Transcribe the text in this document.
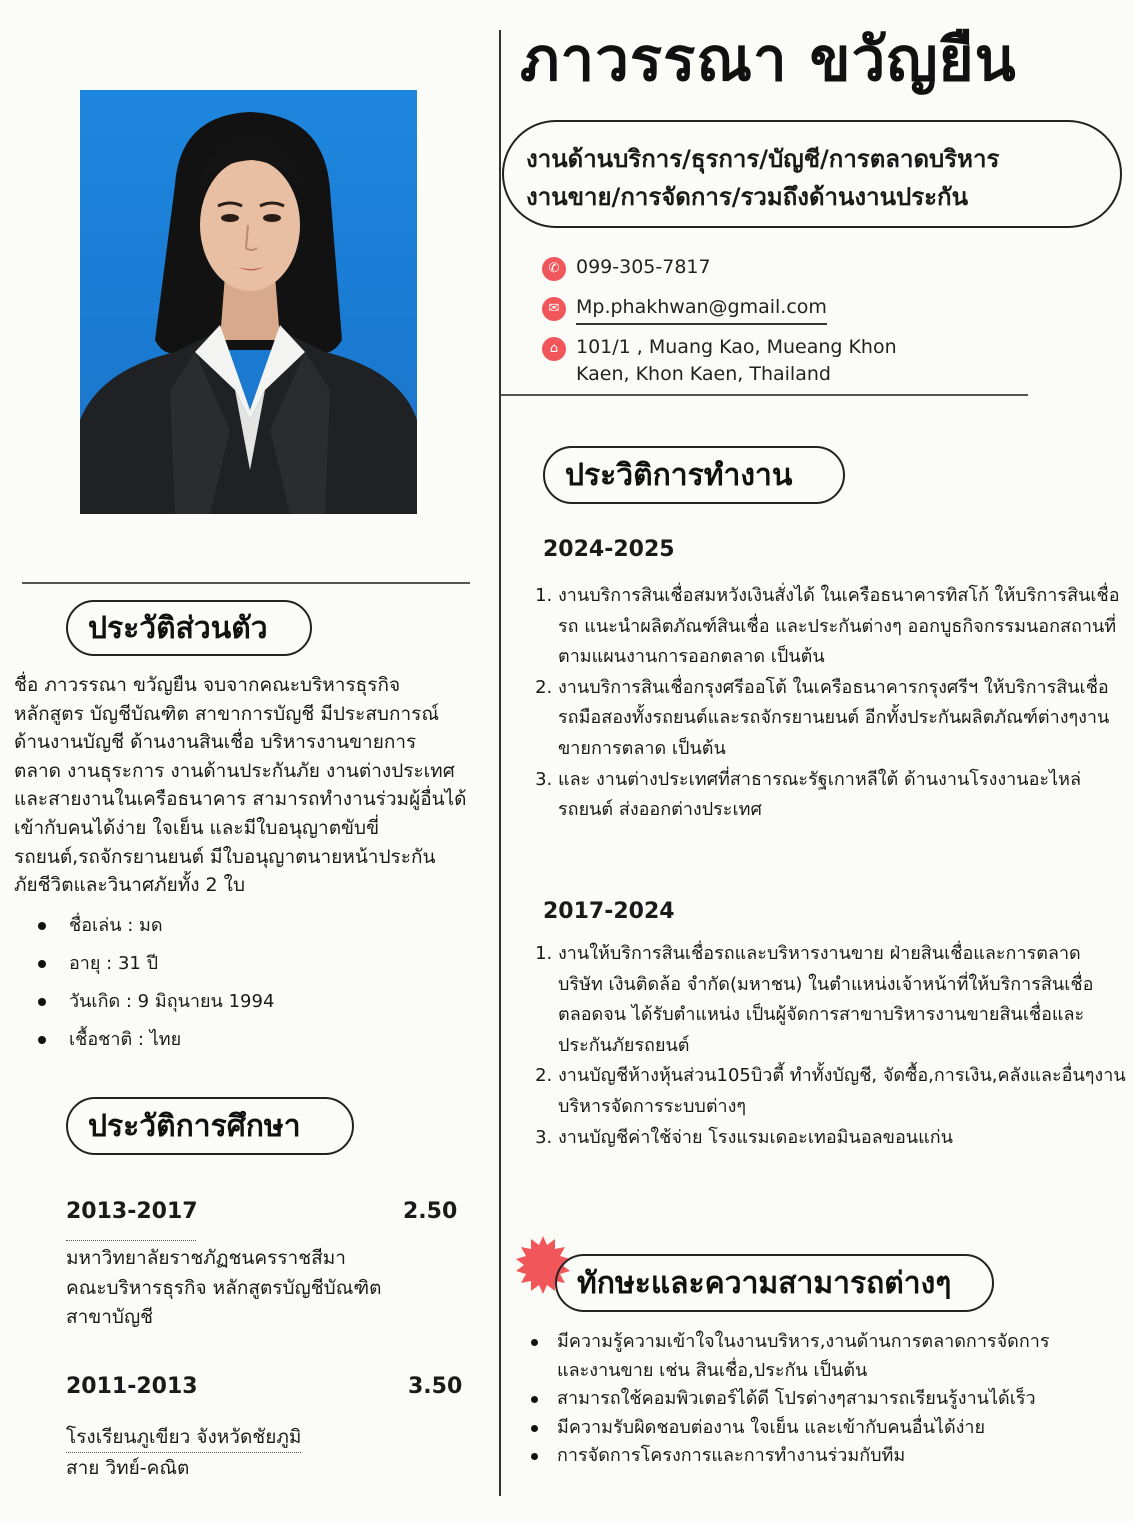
ภาวรรณา ขวัญยืน
งานด้านบริการ/ธุรการ/บัญชี/การตลาดบริหาร
งานขาย/การจัดการ/รวมถึงด้านงานประกัน
✆ 099-305-7817
✉ Mp.phakhwan@gmail.com
⌂ 101/1 , Muang Kao, Mueang Khon
Kaen, Khon Kaen, Thailand
ประวัติส่วนตัว
ชื่อ ภาวรรณา ขวัญยืน จบจากคณะบริหารธุรกิจ
หลักสูตร บัญชีบัณฑิต สาขาการบัญชี มีประสบการณ์
ด้านงานบัญชี ด้านงานสินเชื่อ บริหารงานขายการ
ตลาด งานธุระการ งานด้านประกันภัย งานต่างประเทศ
และสายงานในเครือธนาคาร สามารถทำงานร่วมผู้อื่นได้
เข้ากับคนได้ง่าย ใจเย็น และมีใบอนุญาตขับขี่
รถยนต์,รถจักรยานยนต์ มีใบอนุญาตนายหน้าประกัน
ภัยชีวิตและวินาศภัยทั้ง 2 ใบ
ชื่อเล่น : มด
อายุ : 31 ปี
วันเกิด : 9 มิถุนายน 1994
เชื้อชาติ : ไทย
ประวัติการศึกษา
2013-2017	2.50
มหาวิทยาลัยราชภัฏชนครราชสีมา
คณะบริหารธุรกิจ หลักสูตรบัญชีบัณฑิต
สาขาบัญชี
2011-2013	3.50
โรงเรียนภูเขียว จังหวัดชัยภูมิ
สาย วิทย์-คณิต
ประวิติการทำงาน
2024-2025
1. งานบริการสินเชื่อสมหวังเงินสั่งได้ ในเครือธนาคารทิสโก้ ให้บริการสินเชื่อรถ แนะนำผลิตภัณฑ์สินเชื่อ และประกันต่างๆ ออกบูธกิจกรรมนอกสถานที่ตามแผนงานการออกตลาด เป็นต้น
2. งานบริการสินเชื่อกรุงศรีออโต้ ในเครือธนาคารกรุงศรีฯ ให้บริการสินเชื่อรถมือสองทั้งรถยนต์และรถจักรยานยนต์ อีกทั้งประกันผลิตภัณฑ์ต่างๆงานขายการตลาด เป็นต้น
3. และ งานต่างประเทศที่สาธารณะรัฐเกาหลีใต้ ด้านงานโรงงานอะไหล่รถยนต์ ส่งออกต่างประเทศ
2017-2024
1. งานให้บริการสินเชื่อรถและบริหารงานขาย ฝ่ายสินเชื่อและการตลาด บริษัท เงินติดล้อ จำกัด(มหาชน) ในตำแหน่งเจ้าหน้าที่ให้บริการสินเชื่อตลอดจน ได้รับตำแหน่ง เป็นผู้จัดการสาขาบริหารงานขายสินเชื่อและประกันภัยรถยนต์
2. งานบัญชีห้างหุ้นส่วน105บิวตี้ ทำทั้งบัญชี, จัดซื้อ,การเงิน,คลังและอื่นๆงานบริหารจัดการระบบต่างๆ
3. งานบัญชีค่าใช้จ่าย โรงแรมเดอะเทอมินอลขอนแก่น
ทักษะและความสามารถต่างๆ
มีความรู้ความเข้าใจในงานบริหาร,งานด้านการตลาดการจัดการ และงานขาย เช่น สินเชื่อ,ประกัน เป็นต้น
สามารถใช้คอมพิวเตอร์ได้ดี โปรต่างๆสามารถเรียนรู้งานได้เร็ว
มีความรับผิดชอบต่องาน ใจเย็น และเข้ากับคนอื่นได้ง่าย
การจัดการโครงการและการทำงานร่วมกับทีม
